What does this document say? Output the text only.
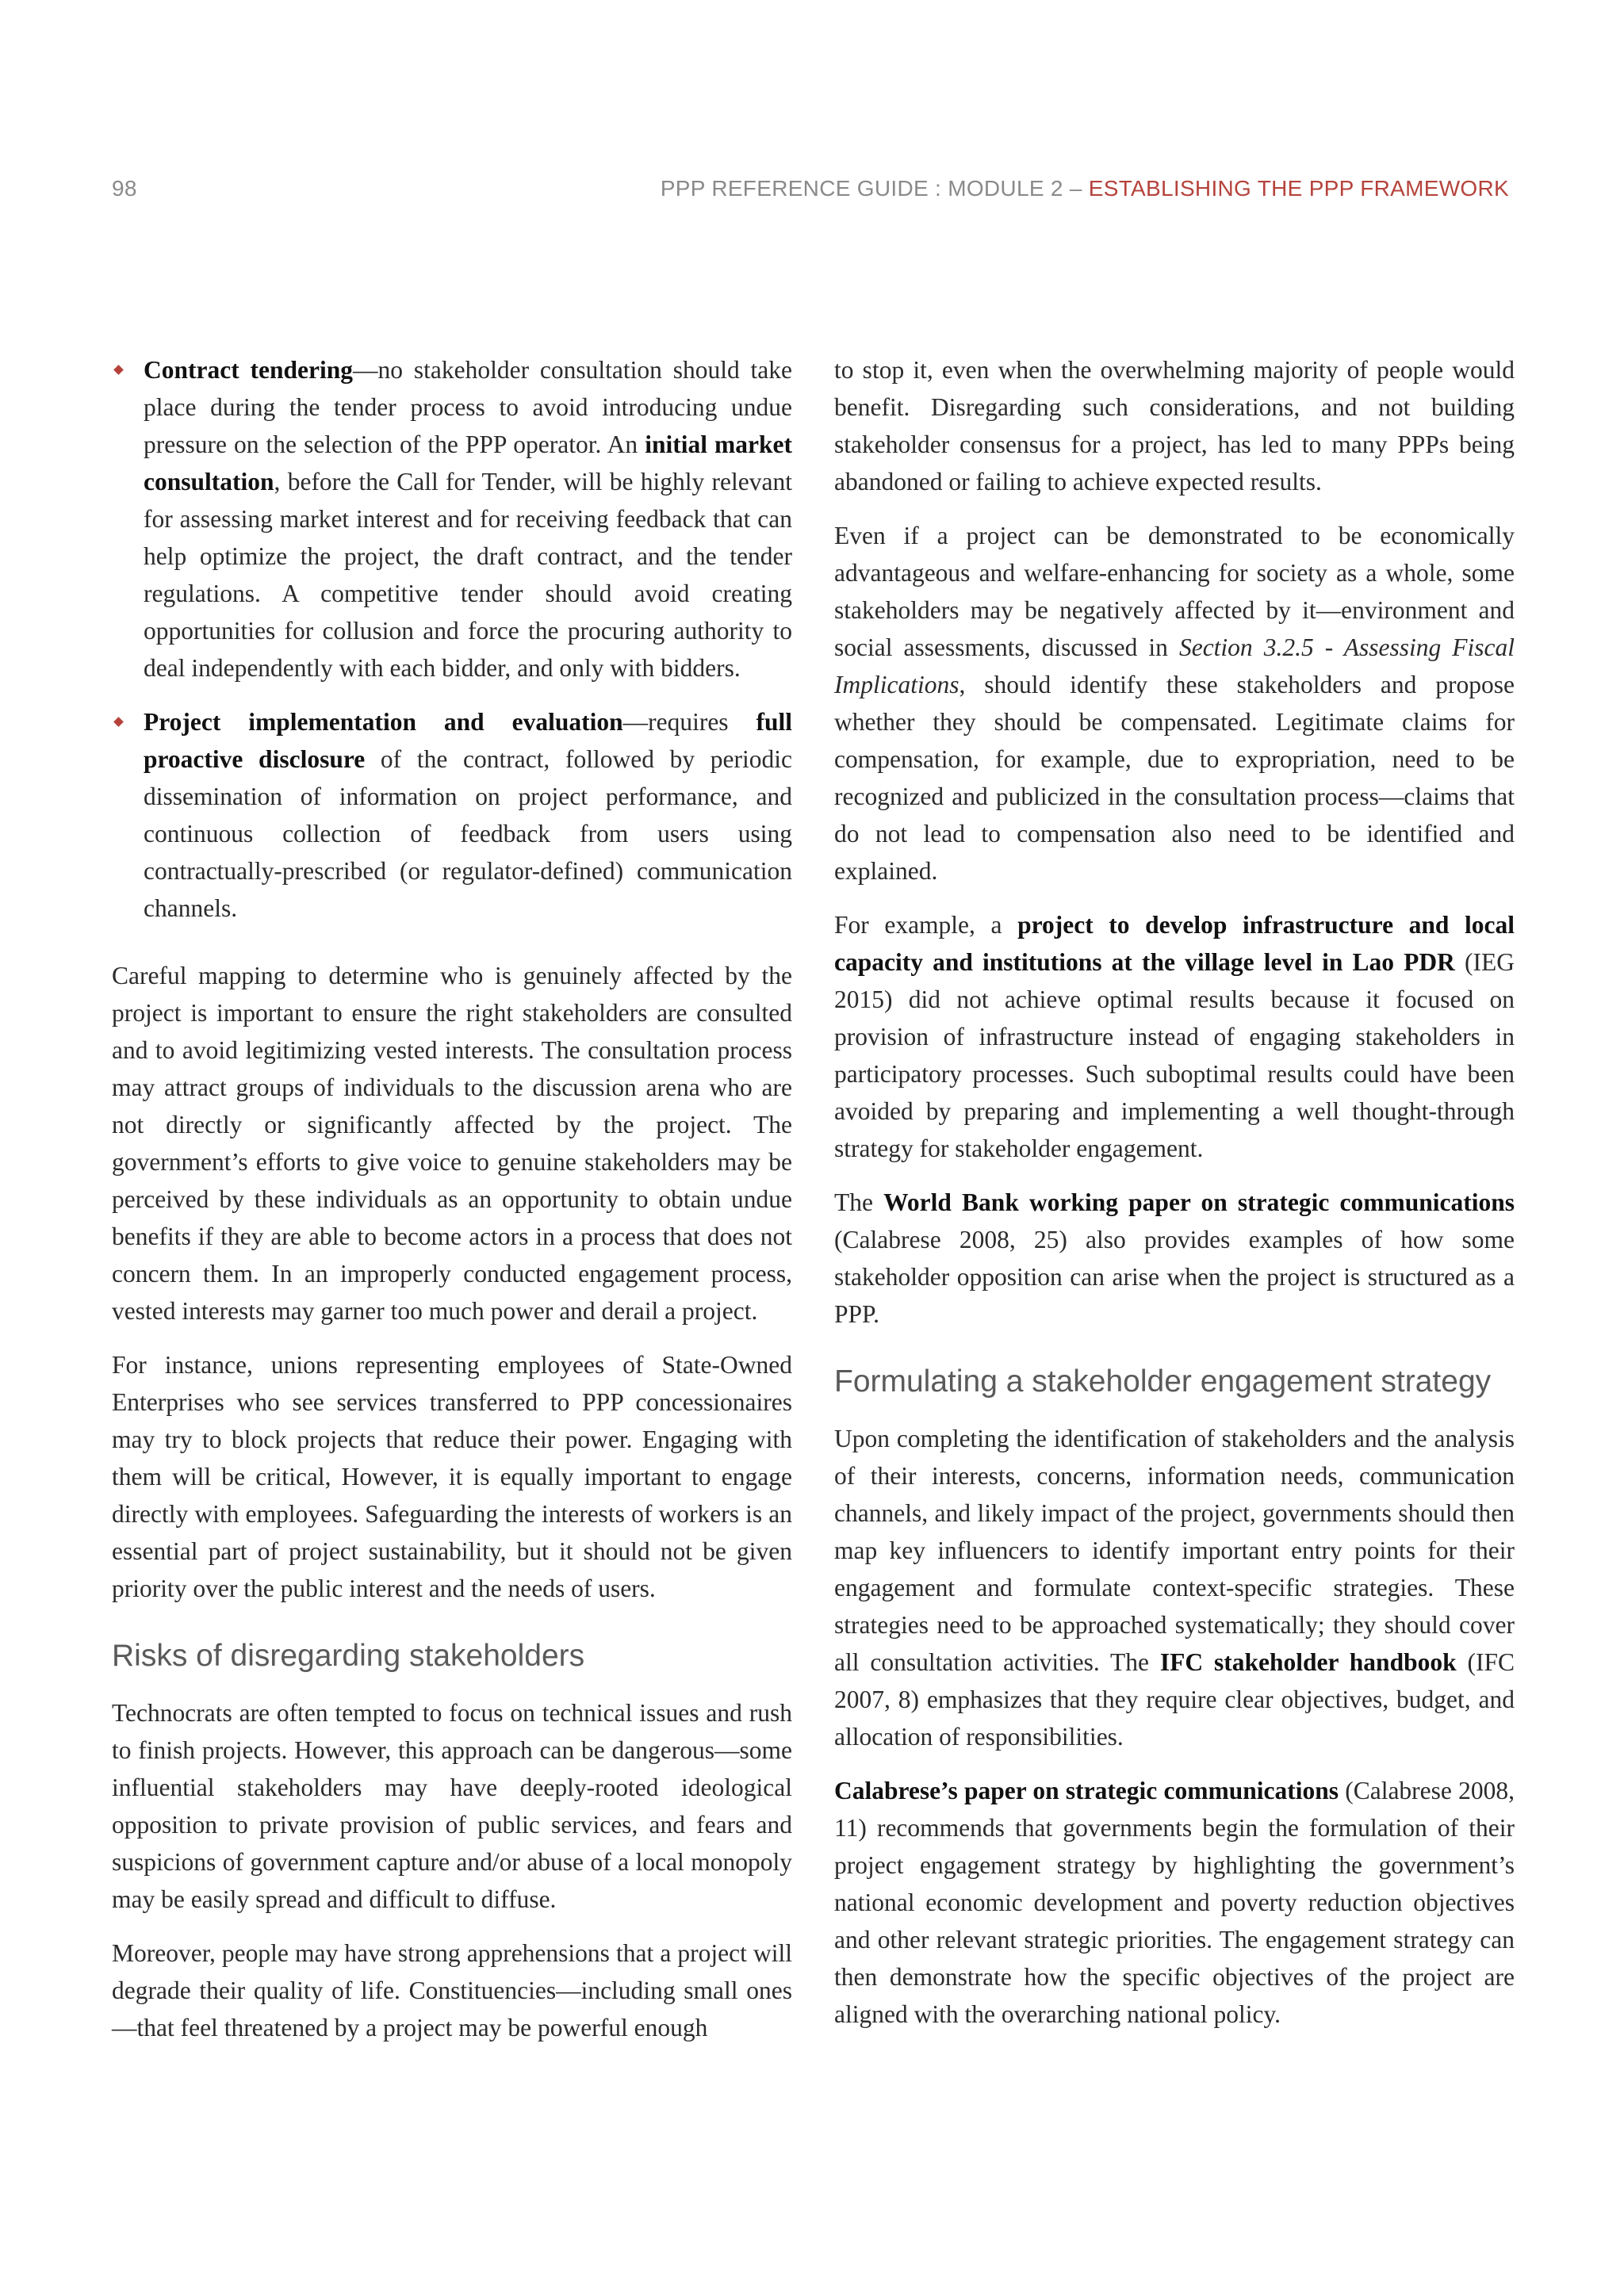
98	PPP REFERENCE GUIDE : MODULE 2 – ESTABLISHING THE PPP FRAMEWORK

Contract tendering—no stakeholder consultation should take place during the tender process to avoid introducing undue pressure on the selection of the PPP operator. An initial market consultation, before the Call for Tender, will be highly relevant for assessing market interest and for receiving feedback that can help optimize the project, the draft contract, and the tender regulations. A competitive tender should avoid creating opportunities for collusion and force the procuring authority to deal independently with each bidder, and only with bidders.

Project implementation and evaluation—requires full proactive disclosure of the contract, followed by periodic dissemination of information on project performance, and continuous collection of feedback from users using contractually-prescribed (or regulator-defined) communication channels.

Careful mapping to determine who is genuinely affected by the project is important to ensure the right stakeholders are consulted and to avoid legitimizing vested interests. The consultation process may attract groups of individuals to the discussion arena who are not directly or significantly affected by the project. The government’s efforts to give voice to genuine stakeholders may be perceived by these individuals as an opportunity to obtain undue benefits if they are able to become actors in a process that does not concern them. In an improperly conducted engagement process, vested interests may garner too much power and derail a project.

For instance, unions representing employees of State-Owned Enterprises who see services transferred to PPP concessionaires may try to block projects that reduce their power. Engaging with them will be critical, However, it is equally important to engage directly with employees. Safeguarding the interests of workers is an essential part of project sustainability, but it should not be given priority over the public interest and the needs of users.

Risks of disregarding stakeholders

Technocrats are often tempted to focus on technical issues and rush to finish projects. However, this approach can be dangerous—some influential stakeholders may have deeply-rooted ideological opposition to private provision of public services, and fears and suspicions of government capture and/or abuse of a local monopoly may be easily spread and difficult to diffuse.

Moreover, people may have strong apprehensions that a project will degrade their quality of life. Constituencies—including small ones—that feel threatened by a project may be powerful enough

to stop it, even when the overwhelming majority of people would benefit. Disregarding such considerations, and not building stakeholder consensus for a project, has led to many PPPs being abandoned or failing to achieve expected results.

Even if a project can be demonstrated to be economically advantageous and welfare-enhancing for society as a whole, some stakeholders may be negatively affected by it—environment and social assessments, discussed in Section 3.2.5 - Assessing Fiscal Implications, should identify these stakeholders and propose whether they should be compensated. Legitimate claims for compensation, for example, due to expropriation, need to be recognized and publicized in the consultation process—claims that do not lead to compensation also need to be identified and explained.

For example, a project to develop infrastructure and local capacity and institutions at the village level in Lao PDR (IEG 2015) did not achieve optimal results because it focused on provision of infrastructure instead of engaging stakeholders in participatory processes. Such suboptimal results could have been avoided by preparing and implementing a well thought-through strategy for stakeholder engagement.

The World Bank working paper on strategic communications (Calabrese 2008, 25) also provides examples of how some stakeholder opposition can arise when the project is structured as a PPP.

Formulating a stakeholder engagement strategy

Upon completing the identification of stakeholders and the analysis of their interests, concerns, information needs, communication channels, and likely impact of the project, governments should then map key influencers to identify important entry points for their engagement and formulate context-specific strategies. These strategies need to be approached systematically; they should cover all consultation activities. The IFC stakeholder handbook (IFC 2007, 8) emphasizes that they require clear objectives, budget, and allocation of responsibilities.

Calabrese’s paper on strategic communications (Calabrese 2008, 11) recommends that governments begin the formulation of their project engagement strategy by highlighting the government’s national economic development and poverty reduction objectives and other relevant strategic priorities. The engagement strategy can then demonstrate how the specific objectives of the project are aligned with the overarching national policy.
